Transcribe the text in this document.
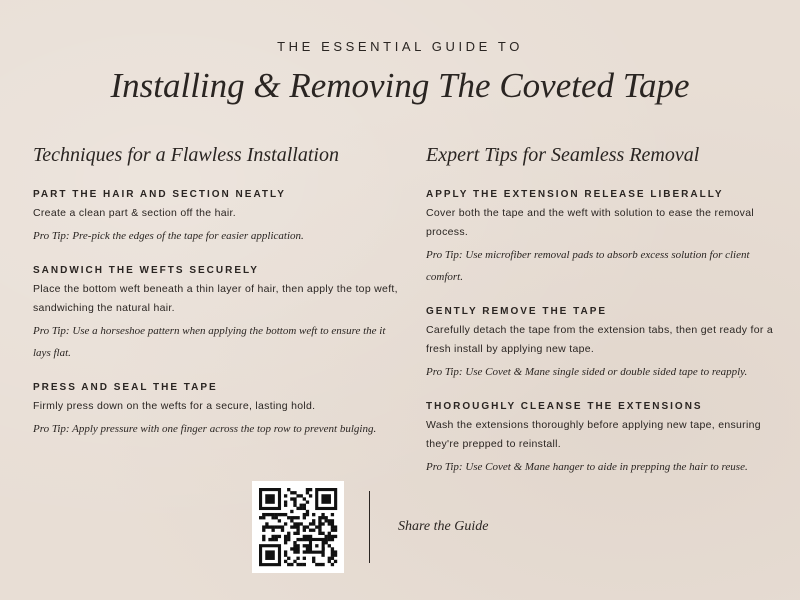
THE ESSENTIAL GUIDE TO
Installing & Removing The Coveted Tape
Techniques for a Flawless Installation
PART THE HAIR AND SECTION NEATLY
Create a clean part & section off the hair.
Pro Tip: Pre-pick the edges of the tape for easier application.
SANDWICH THE WEFTS SECURELY
Place the bottom weft beneath a thin layer of hair, then apply the top weft, sandwiching the natural hair.
Pro Tip: Use a horseshoe pattern when applying the bottom weft to ensure the it lays flat.
PRESS AND SEAL THE TAPE
Firmly press down on the wefts for a secure, lasting hold.
Pro Tip: Apply pressure with one finger across the top row to prevent bulging.
Expert Tips for Seamless Removal
APPLY THE EXTENSION RELEASE LIBERALLY
Cover both the tape and the weft with solution to ease the removal process.
Pro Tip: Use microfiber removal pads to absorb excess solution for client comfort.
GENTLY REMOVE THE TAPE
Carefully detach the tape from the extension tabs, then get ready for a fresh install by applying new tape.
Pro Tip: Use Covet & Mane single sided or double sided tape to reapply.
THOROUGHLY CLEANSE THE EXTENSIONS
Wash the extensions thoroughly before applying new tape, ensuring they're prepped to reinstall.
Pro Tip: Use Covet & Mane hanger to aide in prepping the hair to reuse.
Share the Guide
